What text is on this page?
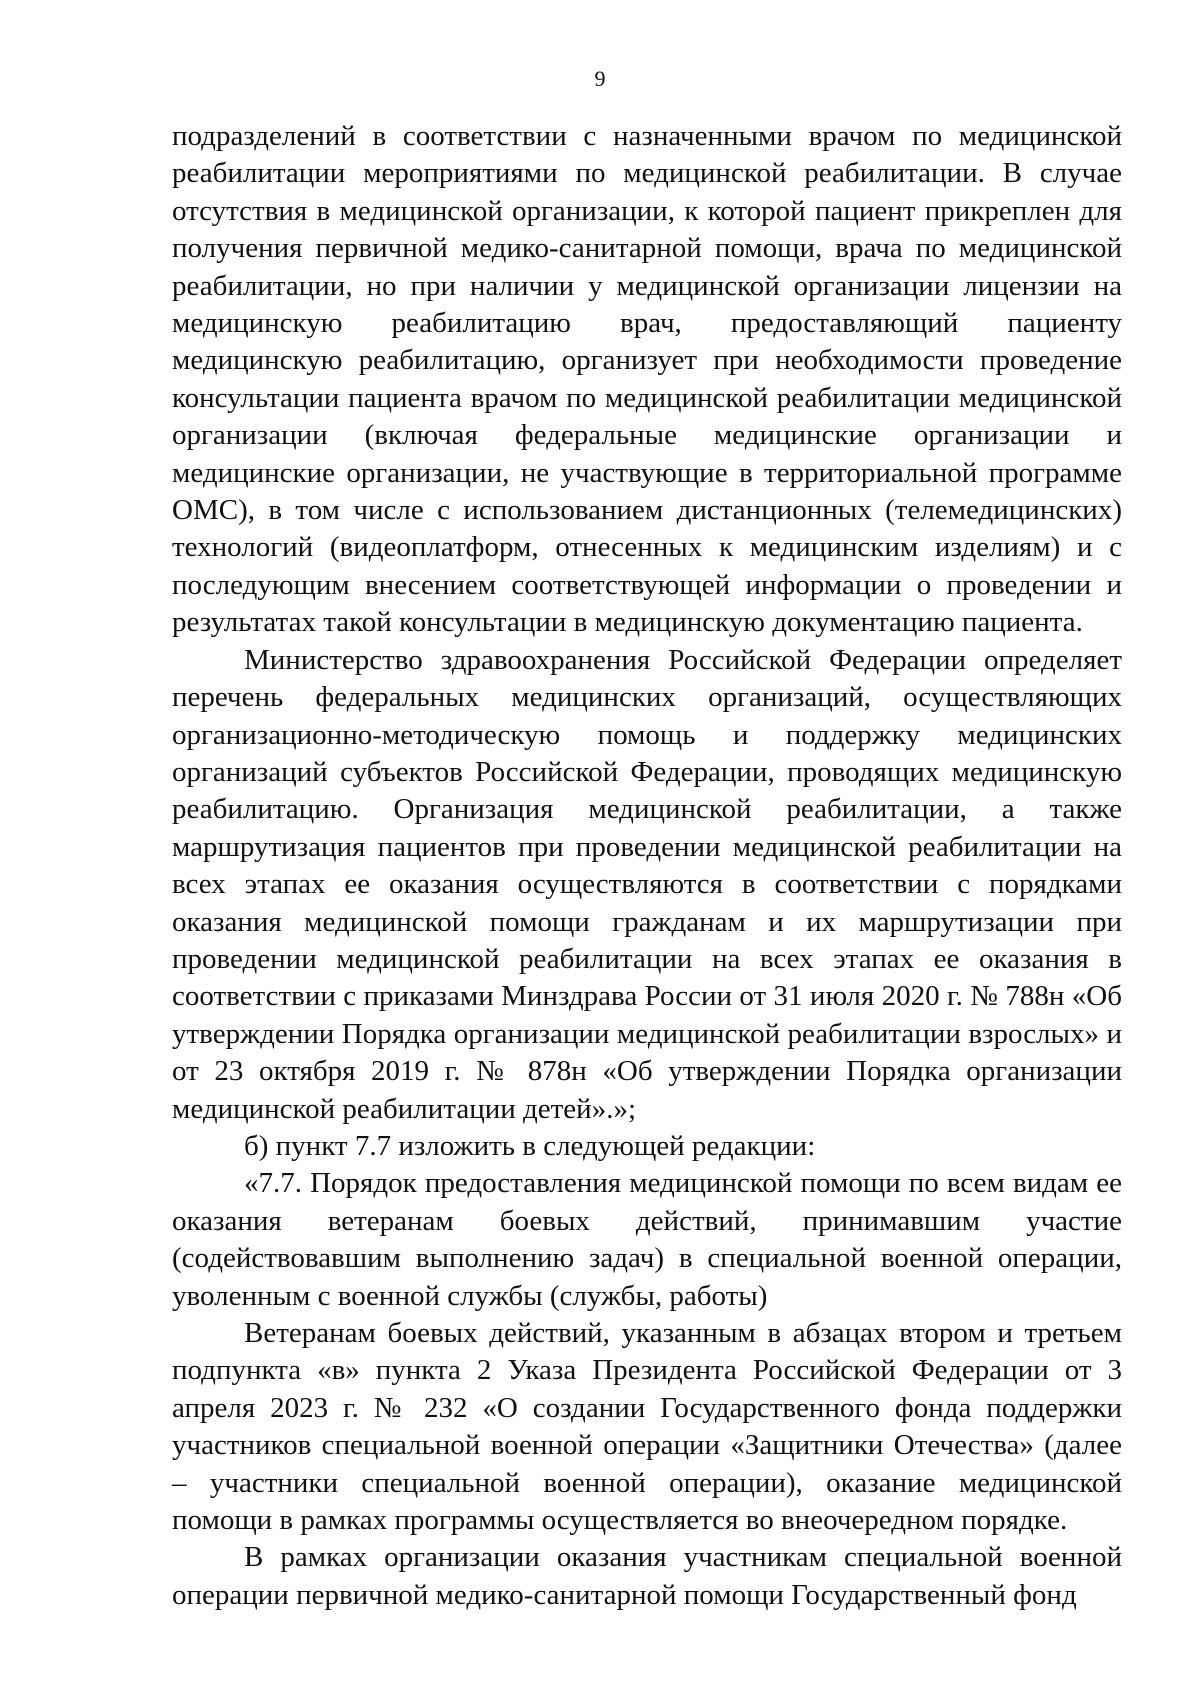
9

подразделений в соответствии с назначенными врачом по медицинской реабилитации мероприятиями по медицинской реабилитации. В случае отсутствия в медицинской организации, к которой пациент прикреплен для получения первичной медико-санитарной помощи, врача по медицинской реабилитации, но при наличии у медицинской организации лицензии на медицинскую реабилитацию врач, предоставляющий пациенту медицинскую реабилитацию, организует при необходимости проведение консультации пациента врачом по медицинской реабилитации медицинской организации (включая федеральные медицинские организации и медицинские организации, не участвующие в территориальной программе ОМС), в том числе с использованием дистанционных (телемедицинских) технологий (видеоплатформ, отнесенных к медицинским изделиям) и с последующим внесением соответствующей информации о проведении и результатах такой консультации в медицинскую документацию пациента.

Министерство здравоохранения Российской Федерации определяет перечень федеральных медицинских организаций, осуществляющих организационно-методическую помощь и поддержку медицинских организаций субъектов Российской Федерации, проводящих медицинскую реабилитацию. Организация медицинской реабилитации, а также маршрутизация пациентов при проведении медицинской реабилитации на всех этапах ее оказания осуществляются в соответствии с порядками оказания медицинской помощи гражданам и их маршрутизации при проведении медицинской реабилитации на всех этапах ее оказания в соответствии с приказами Минздрава России от 31 июля 2020 г. № 788н «Об утверждении Порядка организации медицинской реабилитации взрослых» и от 23 октября 2019 г. № 878н «Об утверждении Порядка организации медицинской реабилитации детей».»;

б) пункт 7.7 изложить в следующей редакции:

«7.7. Порядок предоставления медицинской помощи по всем видам ее оказания ветеранам боевых действий, принимавшим участие (содействовавшим выполнению задач) в специальной военной операции, уволенным с военной службы (службы, работы)

Ветеранам боевых действий, указанным в абзацах втором и третьем подпункта «в» пункта 2 Указа Президента Российской Федерации от 3 апреля 2023 г. № 232 «О создании Государственного фонда поддержки участников специальной военной операции «Защитники Отечества» (далее – участники специальной военной операции), оказание медицинской помощи в рамках программы осуществляется во внеочередном порядке.

В рамках организации оказания участникам специальной военной операции первичной медико-санитарной помощи Государственный фонд
